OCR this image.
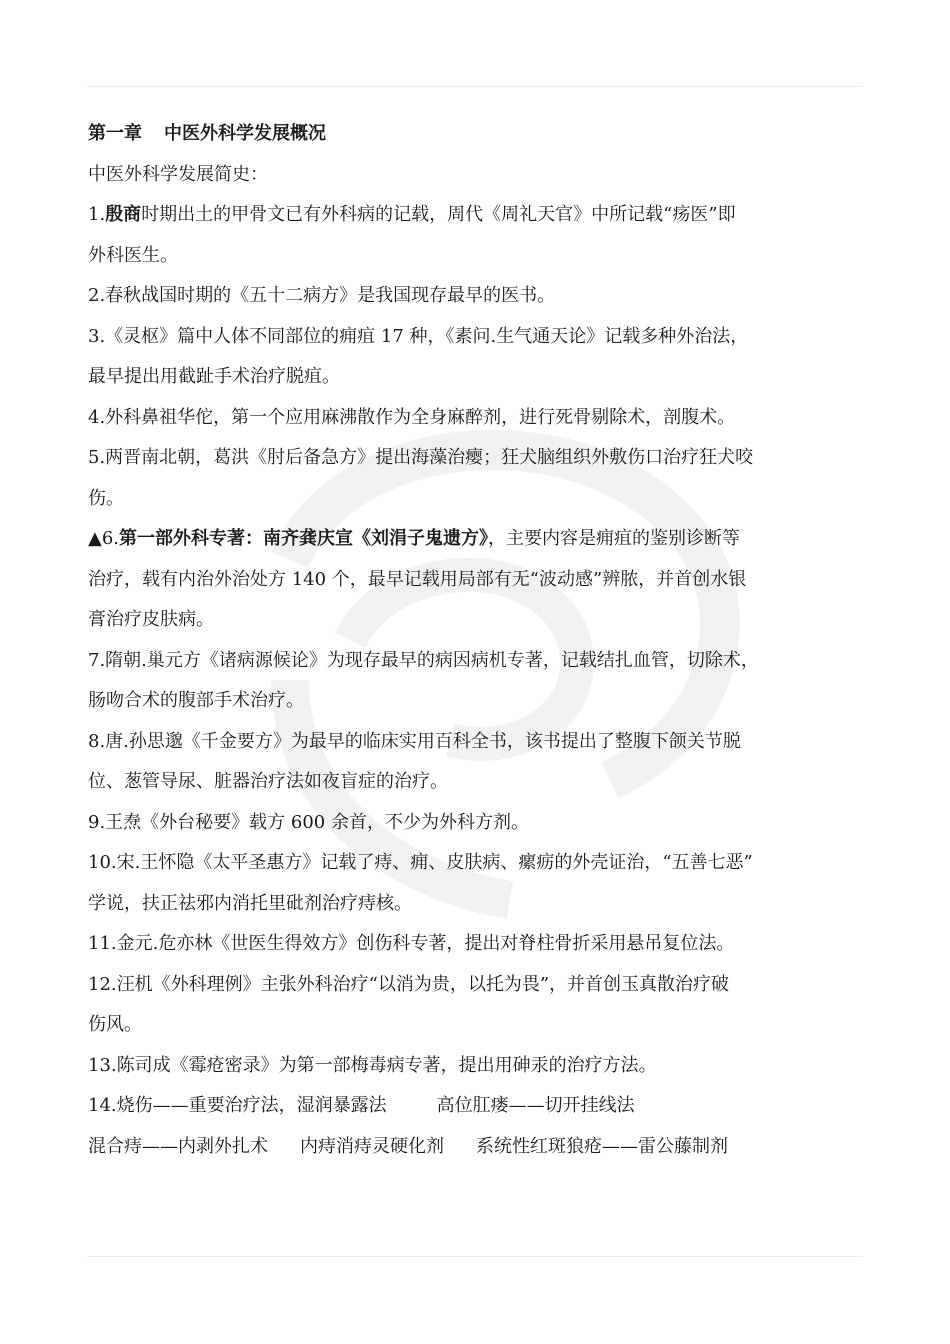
第一章 中医外科学发展概况
中医外科学发展简史：
1.殷商时期出土的甲骨文已有外科病的记载，周代《周礼天官》中所记载“疡医”即
外科医生。
2.春秋战国时期的《五十二病方》是我国现存最早的医书。
3.《灵枢》篇中人体不同部位的痈疽 17 种，《素问.生气通天论》记载多种外治法，
最早提出用截趾手术治疗脱疽。
4.外科鼻祖华佗，第一个应用麻沸散作为全身麻醉剂，进行死骨剔除术，剖腹术。
5.两晋南北朝，葛洪《肘后备急方》提出海藻治瘿；狂犬脑组织外敷伤口治疗狂犬咬
伤。
▲6.第一部外科专著：南齐龚庆宣《刘涓子鬼遗方》，主要内容是痈疽的鉴别诊断等
治疗，载有内治外治处方 140 个，最早记载用局部有无“波动感”辨脓，并首创水银
膏治疗皮肤病。
7.隋朝.巢元方《诸病源候论》为现存最早的病因病机专著，记载结扎血管，切除术，
肠吻合术的腹部手术治疗。
8.唐.孙思邈《千金要方》为最早的临床实用百科全书，该书提出了整腹下颌关节脱
位、葱管导尿、脏器治疗法如夜盲症的治疗。
9.王焘《外台秘要》载方 600 余首，不少为外科方剂。
10.宋.王怀隐《太平圣惠方》记载了痔、痈、皮肤病、瘰疬的外壳证治，“五善七恶”
学说，扶正祛邪内消托里砒剂治疗痔核。
11.金元.危亦林《世医生得效方》创伤科专著，提出对脊柱骨折采用悬吊复位法。
12.汪机《外科理例》主张外科治疗“以消为贵，以托为畏”，并首创玉真散治疗破
伤风。
13.陈司成《霉疮密录》为第一部梅毒病专著，提出用砷汞的治疗方法。
14.烧伤——重要治疗法，湿润暴露法	高位肛瘘——切开挂线法
混合痔——内剥外扎术 内痔消痔灵硬化剂 系统性红斑狼疮——雷公藤制剂
